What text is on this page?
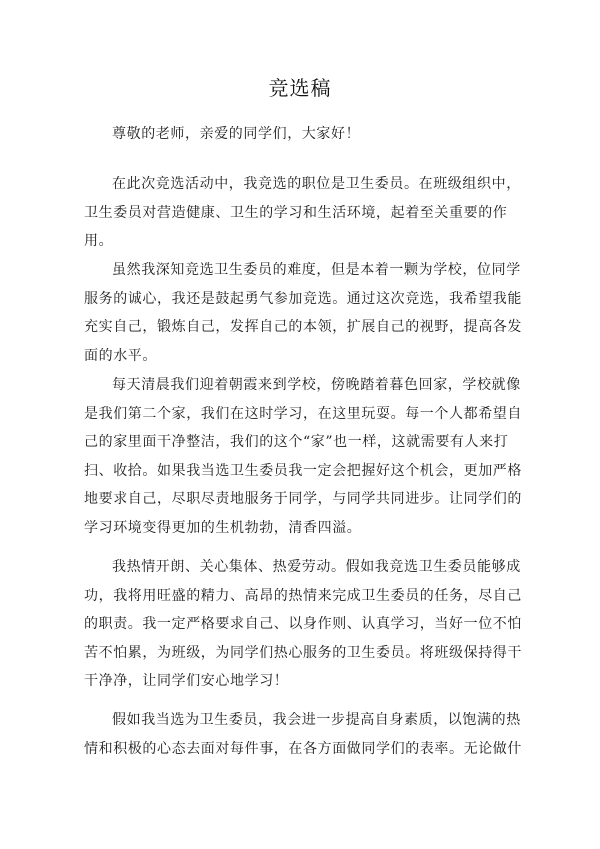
竞选稿

尊敬的老师，亲爱的同学们，大家好！

在此次竞选活动中，我竞选的职位是卫生委员。在班级组织中，卫生委员对营造健康、卫生的学习和生活环境，起着至关重要的作用。

虽然我深知竞选卫生委员的难度，但是本着一颗为学校，位同学服务的诚心，我还是鼓起勇气参加竞选。通过这次竞选，我希望我能充实自己，锻炼自己，发挥自己的本领，扩展自己的视野，提高各发面的水平。

每天清晨我们迎着朝霞来到学校，傍晚踏着暮色回家，学校就像是我们第二个家，我们在这时学习，在这里玩耍。每一个人都希望自己的家里面干净整洁，我们的这个“家”也一样，这就需要有人来打扫、收拾。如果我当选卫生委员我一定会把握好这个机会，更加严格地要求自己，尽职尽责地服务于同学，与同学共同进步。让同学们的学习环境变得更加的生机勃勃，清香四溢。

我热情开朗、关心集体、热爱劳动。假如我竞选卫生委员能够成功，我将用旺盛的精力、高昂的热情来完成卫生委员的任务，尽自己的职责。我一定严格要求自己、以身作则、认真学习，当好一位不怕苦不怕累，为班级，为同学们热心服务的卫生委员。将班级保持得干干净净，让同学们安心地学习！

假如我当选为卫生委员，我会进一步提高自身素质，以饱满的热情和积极的心态去面对每件事，在各方面做同学们的表率。无论做什
